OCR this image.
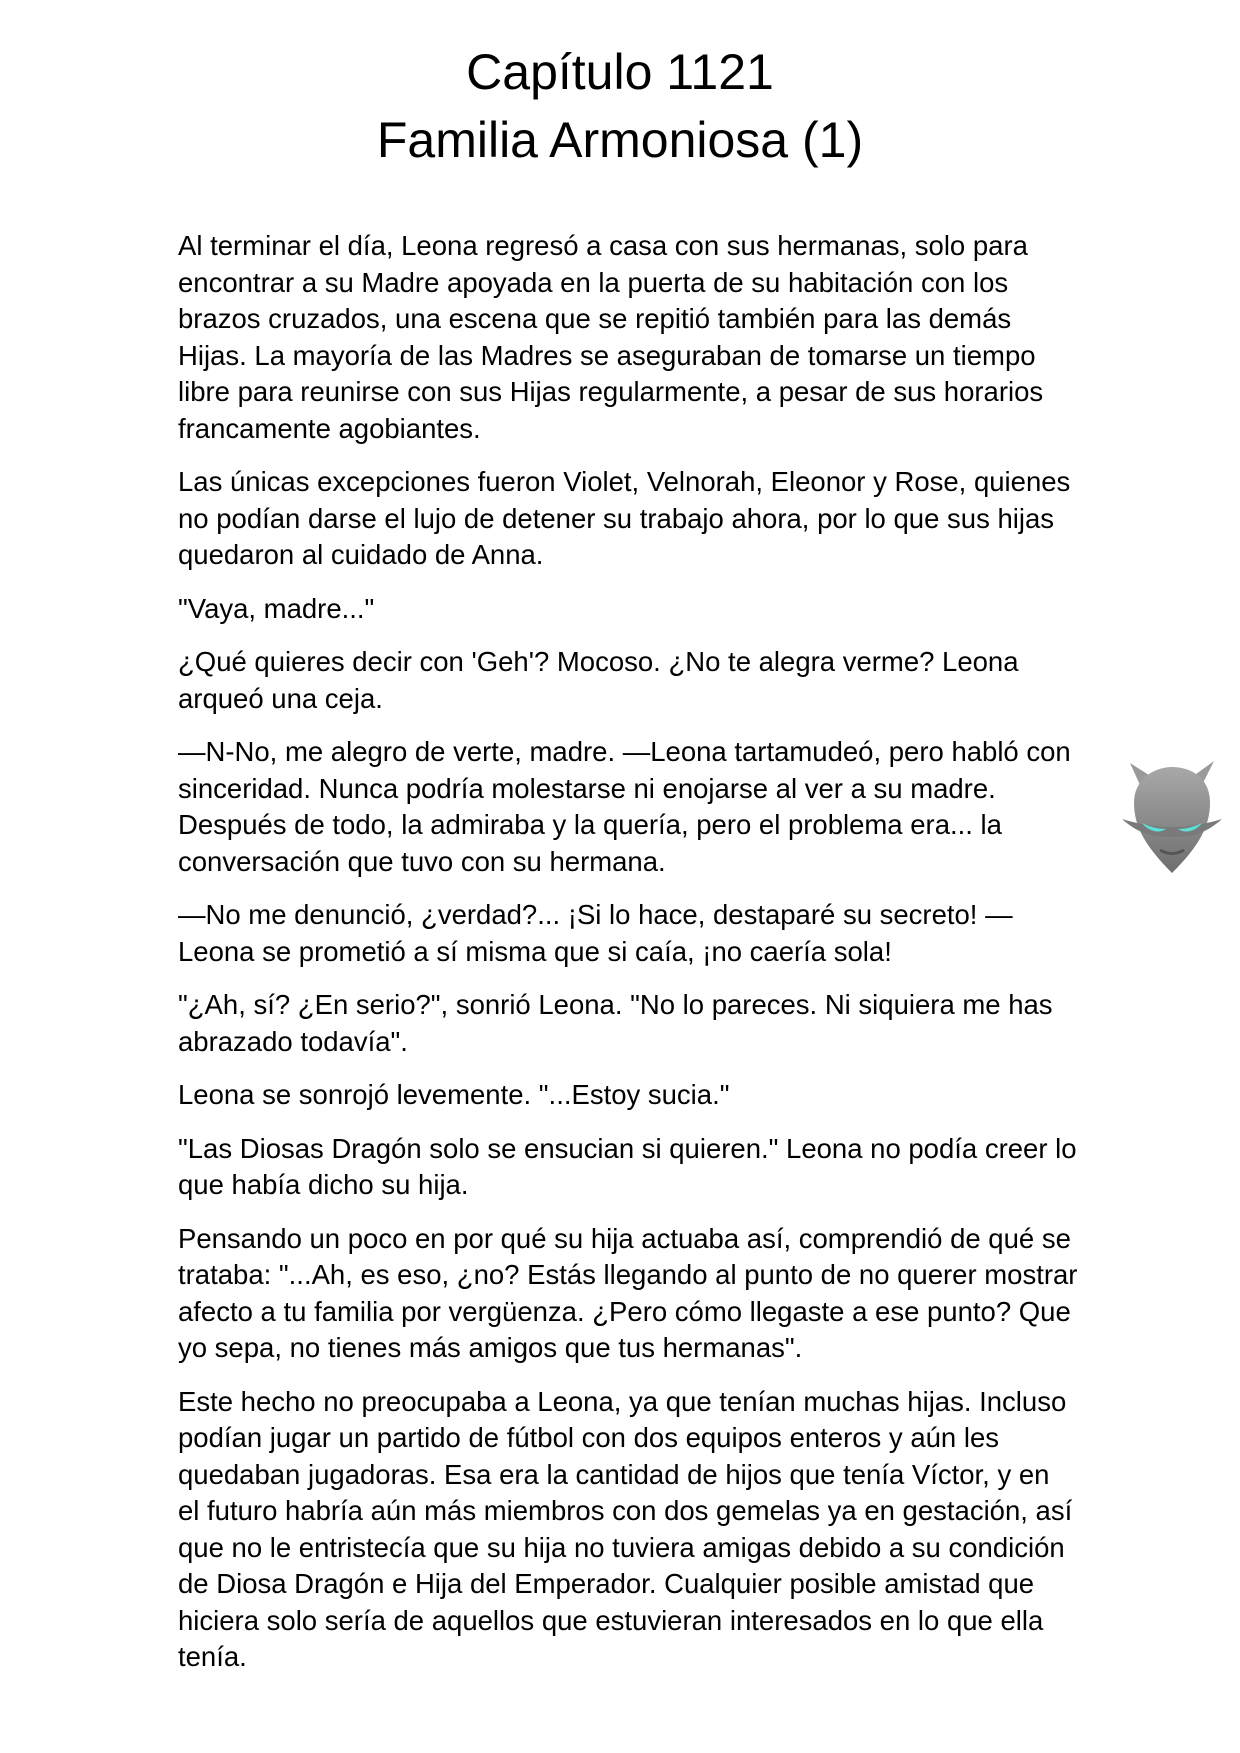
Capítulo 1121
Familia Armoniosa (1)

Al terminar el día, Leona regresó a casa con sus hermanas, solo para encontrar a su Madre apoyada en la puerta de su habitación con los brazos cruzados, una escena que se repitió también para las demás Hijas. La mayoría de las Madres se aseguraban de tomarse un tiempo libre para reunirse con sus Hijas regularmente, a pesar de sus horarios francamente agobiantes.

Las únicas excepciones fueron Violet, Velnorah, Eleonor y Rose, quienes no podían darse el lujo de detener su trabajo ahora, por lo que sus hijas quedaron al cuidado de Anna.

"Vaya, madre..."

¿Qué quieres decir con 'Geh'? Mocoso. ¿No te alegra verme? Leona arqueó una ceja.

—N-No, me alegro de verte, madre. —Leona tartamudeó, pero habló con sinceridad. Nunca podría molestarse ni enojarse al ver a su madre. Después de todo, la admiraba y la quería, pero el problema era... la conversación que tuvo con su hermana.

—No me denunció, ¿verdad?... ¡Si lo hace, destaparé su secreto! —Leona se prometió a sí misma que si caía, ¡no caería sola!

"¿Ah, sí? ¿En serio?", sonrió Leona. "No lo pareces. Ni siquiera me has abrazado todavía".

Leona se sonrojó levemente. "...Estoy sucia."

"Las Diosas Dragón solo se ensucian si quieren." Leona no podía creer lo que había dicho su hija.

Pensando un poco en por qué su hija actuaba así, comprendió de qué se trataba: "...Ah, es eso, ¿no? Estás llegando al punto de no querer mostrar afecto a tu familia por vergüenza. ¿Pero cómo llegaste a ese punto? Que yo sepa, no tienes más amigos que tus hermanas".

Este hecho no preocupaba a Leona, ya que tenían muchas hijas. Incluso podían jugar un partido de fútbol con dos equipos enteros y aún les quedaban jugadoras. Esa era la cantidad de hijos que tenía Víctor, y en el futuro habría aún más miembros con dos gemelas ya en gestación, así que no le entristecía que su hija no tuviera amigas debido a su condición de Diosa Dragón e Hija del Emperador. Cualquier posible amistad que hiciera solo sería de aquellos que estuvieran interesados en lo que ella tenía.
